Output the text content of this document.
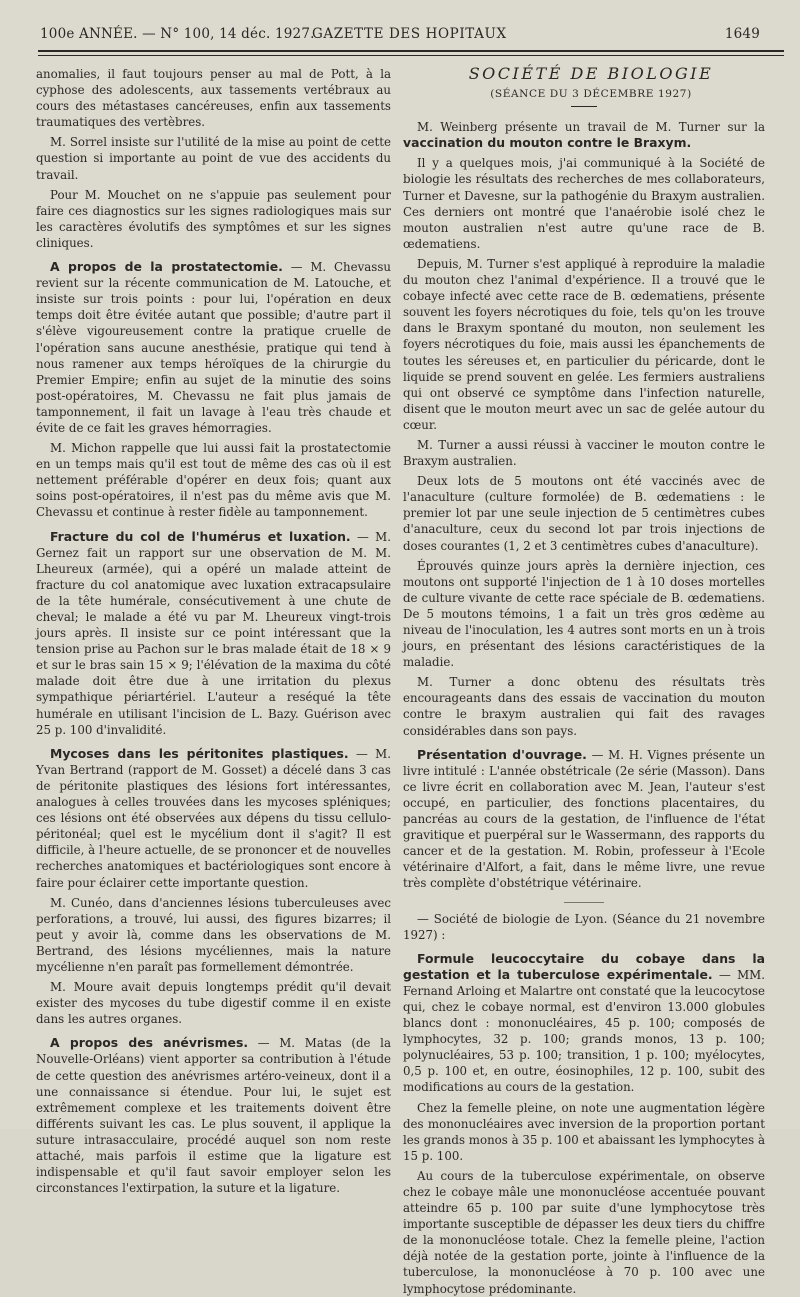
100e ANNÉE. — N° 100, 14 déc. 1927.
GAZETTE DES HOPITAUX	1649

anomalies, il faut toujours penser au mal de Pott, à la cyphose des adolescents, aux tassements vertébraux au cours des métastases cancéreuses, enfin aux tassements traumatiques des vertèbres.

M. Sorrel insiste sur l'utilité de la mise au point de cette question si importante au point de vue des accidents du travail.

Pour M. Mouchet on ne s'appuie pas seulement pour faire ces diagnostics sur les signes radiologiques mais sur les caractères évolutifs des symptômes et sur les signes cliniques.

A propos de la prostatectomie. — M. Chevassu revient sur la récente communication de M. Latouche, et insiste sur trois points : pour lui, l'opération en deux temps doit être évitée autant que possible; d'autre part il s'élève vigoureusement contre la pratique cruelle de l'opération sans aucune anesthésie, pratique qui tend à nous ramener aux temps héroïques de la chirurgie du Premier Empire; enfin au sujet de la minutie des soins post-opératoires, M. Chevassu ne fait plus jamais de tamponnement, il fait un lavage à l'eau très chaude et évite de ce fait les graves hémorragies.

M. Michon rappelle que lui aussi fait la prostatectomie en un temps mais qu'il est tout de même des cas où il est nettement préférable d'opérer en deux fois; quant aux soins post-opératoires, il n'est pas du même avis que M. Chevassu et continue à rester fidèle au tamponnement.

Fracture du col de l'humérus et luxation. — M. Gernez fait un rapport sur une observation de M. M. Lheureux (armée), qui a opéré un malade atteint de fracture du col anatomique avec luxation extracapsulaire de la tête humérale, consécutivement à une chute de cheval; le malade a été vu par M. Lheureux vingt-trois jours après. Il insiste sur ce point intéressant que la tension prise au Pachon sur le bras malade était de 18 × 9 et sur le bras sain 15 × 9; l'élévation de la maxima du côté malade doit être due à une irritation du plexus sympathique périartériel. L'auteur a reséqué la tête humérale en utilisant l'incision de L. Bazy. Guérison avec 25 p. 100 d'invalidité.

Mycoses dans les péritonites plastiques. — M. Yvan Bertrand (rapport de M. Gosset) a décelé dans 3 cas de péritonite plastiques des lésions fort intéressantes, analogues à celles trouvées dans les mycoses spléniques; ces lésions ont été observées aux dépens du tissu cellulo-péritonéal; quel est le mycélium dont il s'agit? Il est difficile, à l'heure actuelle, de se prononcer et de nouvelles recherches anatomiques et bactériologiques sont encore à faire pour éclairer cette importante question.

M. Cunéo, dans d'anciennes lésions tuberculeuses avec perforations, a trouvé, lui aussi, des figures bizarres; il peut y avoir là, comme dans les observations de M. Bertrand, des lésions mycéliennes, mais la nature mycélienne n'en paraît pas formellement démontrée.

M. Moure avait depuis longtemps prédit qu'il devait exister des mycoses du tube digestif comme il en existe dans les autres organes.

A propos des anévrismes. — M. Matas (de la Nouvelle-Orléans) vient apporter sa contribution à l'étude de cette question des anévrismes artéro-veineux, dont il a une connaissance si étendue. Pour lui, le sujet est extrêmement complexe et les traitements doivent être différents suivant les cas. Le plus souvent, il applique la suture intrasacculaire, procédé auquel son nom reste attaché, mais parfois il estime que la ligature est indispensable et qu'il faut savoir employer selon les circonstances l'extirpation, la suture et la ligature.

SOCIÉTÉ DE BIOLOGIE

(SÉANCE DU 3 DÉCEMBRE 1927)

M. Weinberg présente un travail de M. Turner sur la vaccination du mouton contre le Braxym.

Il y a quelques mois, j'ai communiqué à la Société de biologie les résultats des recherches de mes collaborateurs, Turner et Davesne, sur la pathogénie du Braxym australien. Ces derniers ont montré que l'anaérobie isolé chez le mouton australien n'est autre qu'une race de B. œdematiens.

Depuis, M. Turner s'est appliqué à reproduire la maladie du mouton chez l'animal d'expérience. Il a trouvé que le cobaye infecté avec cette race de B. œdematiens, présente souvent les foyers nécrotiques du foie, tels qu'on les trouve dans le Braxym spontané du mouton, non seulement les foyers nécrotiques du foie, mais aussi les épanchements de toutes les séreuses et, en particulier du péricarde, dont le liquide se prend souvent en gelée. Les fermiers australiens qui ont observé ce symptôme dans l'infection naturelle, disent que le mouton meurt avec un sac de gelée autour du cœur.

M. Turner a aussi réussi à vacciner le mouton contre le Braxym australien.

Deux lots de 5 moutons ont été vaccinés avec de l'anaculture (culture formolée) de B. œdematiens : le premier lot par une seule injection de 5 centimètres cubes d'anaculture, ceux du second lot par trois injections de doses courantes (1, 2 et 3 centimètres cubes d'anaculture).

Éprouvés quinze jours après la dernière injection, ces moutons ont supporté l'injection de 1 à 10 doses mortelles de culture vivante de cette race spéciale de B. œdematiens. De 5 moutons témoins, 1 a fait un très gros œdème au niveau de l'inoculation, les 4 autres sont morts en un à trois jours, en présentant des lésions caractéristiques de la maladie.

M. Turner a donc obtenu des résultats très encourageants dans des essais de vaccination du mouton contre le braxym australien qui fait des ravages considérables dans son pays.

Présentation d'ouvrage. — M. H. Vignes présente un livre intitulé : L'année obstétricale (2e série (Masson). Dans ce livre écrit en collaboration avec M. Jean, l'auteur s'est occupé, en particulier, des fonctions placentaires, du pancréas au cours de la gestation, de l'influence de l'état gravitique et puerpéral sur le Wassermann, des rapports du cancer et de la gestation. M. Robin, professeur à l'Ecole vétérinaire d'Alfort, a fait, dans le même livre, une revue très complète d'obstétrique vétérinaire.

— Société de biologie de Lyon. (Séance du 21 novembre 1927) :

Formule leucoccytaire du cobaye dans la gestation et la tuberculose expérimentale. — MM. Fernand Arloing et Malartre ont constaté que la leucocytose qui, chez le cobaye normal, est d'environ 13.000 globules blancs dont : mononucléaires, 45 p. 100; composés de lymphocytes, 32 p. 100; grands monos, 13 p. 100; polynucléaires, 53 p. 100; transition, 1 p. 100; myélocytes, 0,5 p. 100 et, en outre, éosinophiles, 12 p. 100, subit des modifications au cours de la gestation.

Chez la femelle pleine, on note une augmentation légère des mononucléaires avec inversion de la proportion portant les grands monos à 35 p. 100 et abaissant les lymphocytes à 15 p. 100.

Au cours de la tuberculose expérimentale, on observe chez le cobaye mâle une mononucléose accentuée pouvant atteindre 65 p. 100 par suite d'une lymphocytose très importante susceptible de dépasser les deux tiers du chiffre de la mononucléose totale. Chez la femelle pleine, l'action déjà notée de la gestation porte, jointe à l'influence de la tuberculose, la mononucléose à 70 p. 100 avec une lymphocytose prédominante.
